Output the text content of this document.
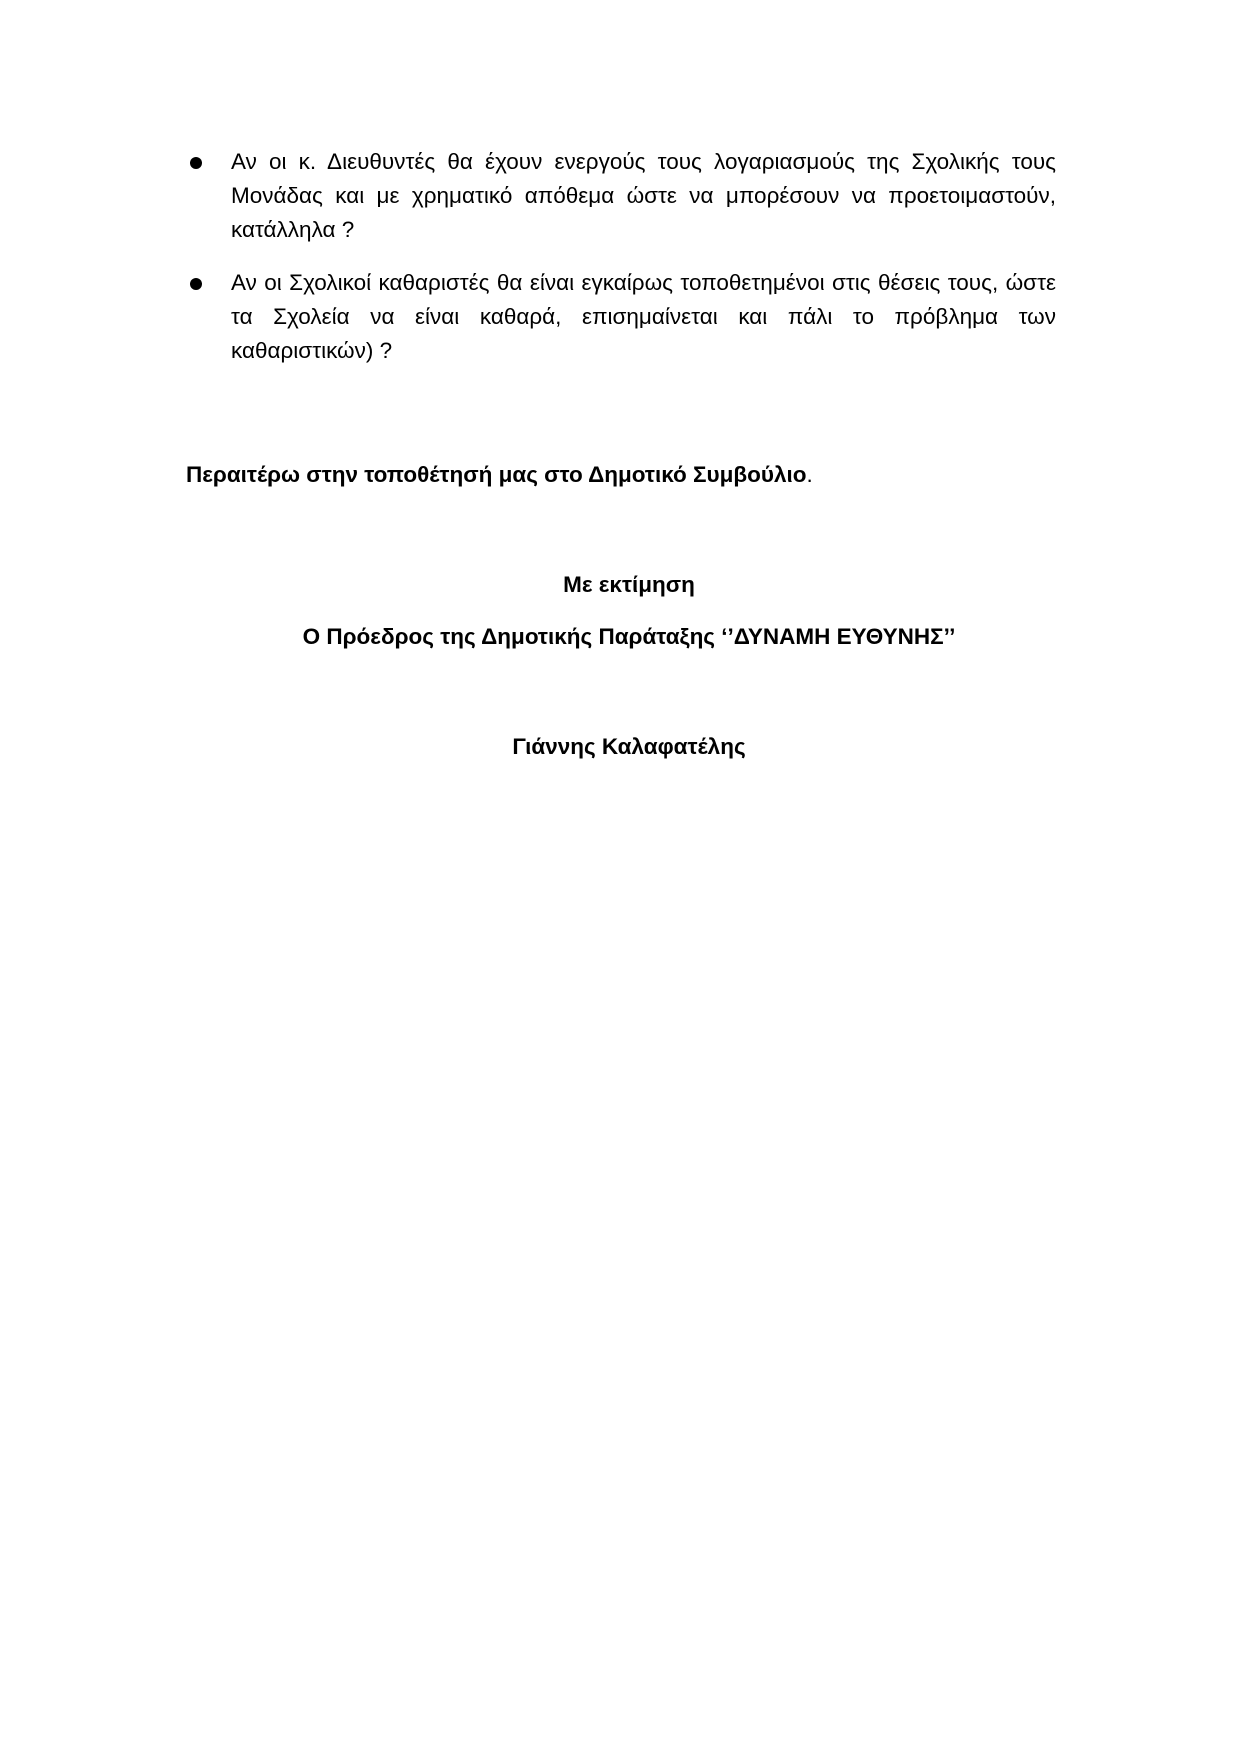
Αν οι κ. Διευθυντές θα έχουν ενεργούς τους λογαριασμούς της Σχολικής τους Μονάδας και με χρηματικό απόθεμα ώστε να μπορέσουν να προετοιμαστούν, κατάλληλα ?
Αν οι Σχολικοί καθαριστές θα είναι εγκαίρως τοποθετημένοι στις θέσεις τους, ώστε τα Σχολεία να είναι καθαρά, επισημαίνεται και πάλι το πρόβλημα των καθαριστικών) ?
Περαιτέρω στην τοποθέτησή μας στο Δημοτικό Συμβούλιο.
Με εκτίμηση
Ο Πρόεδρος της Δημοτικής Παράταξης ‘’ΔΥΝΑΜΗ ΕΥΘΥΝΗΣ’’
Γιάννης Καλαφατέλης
